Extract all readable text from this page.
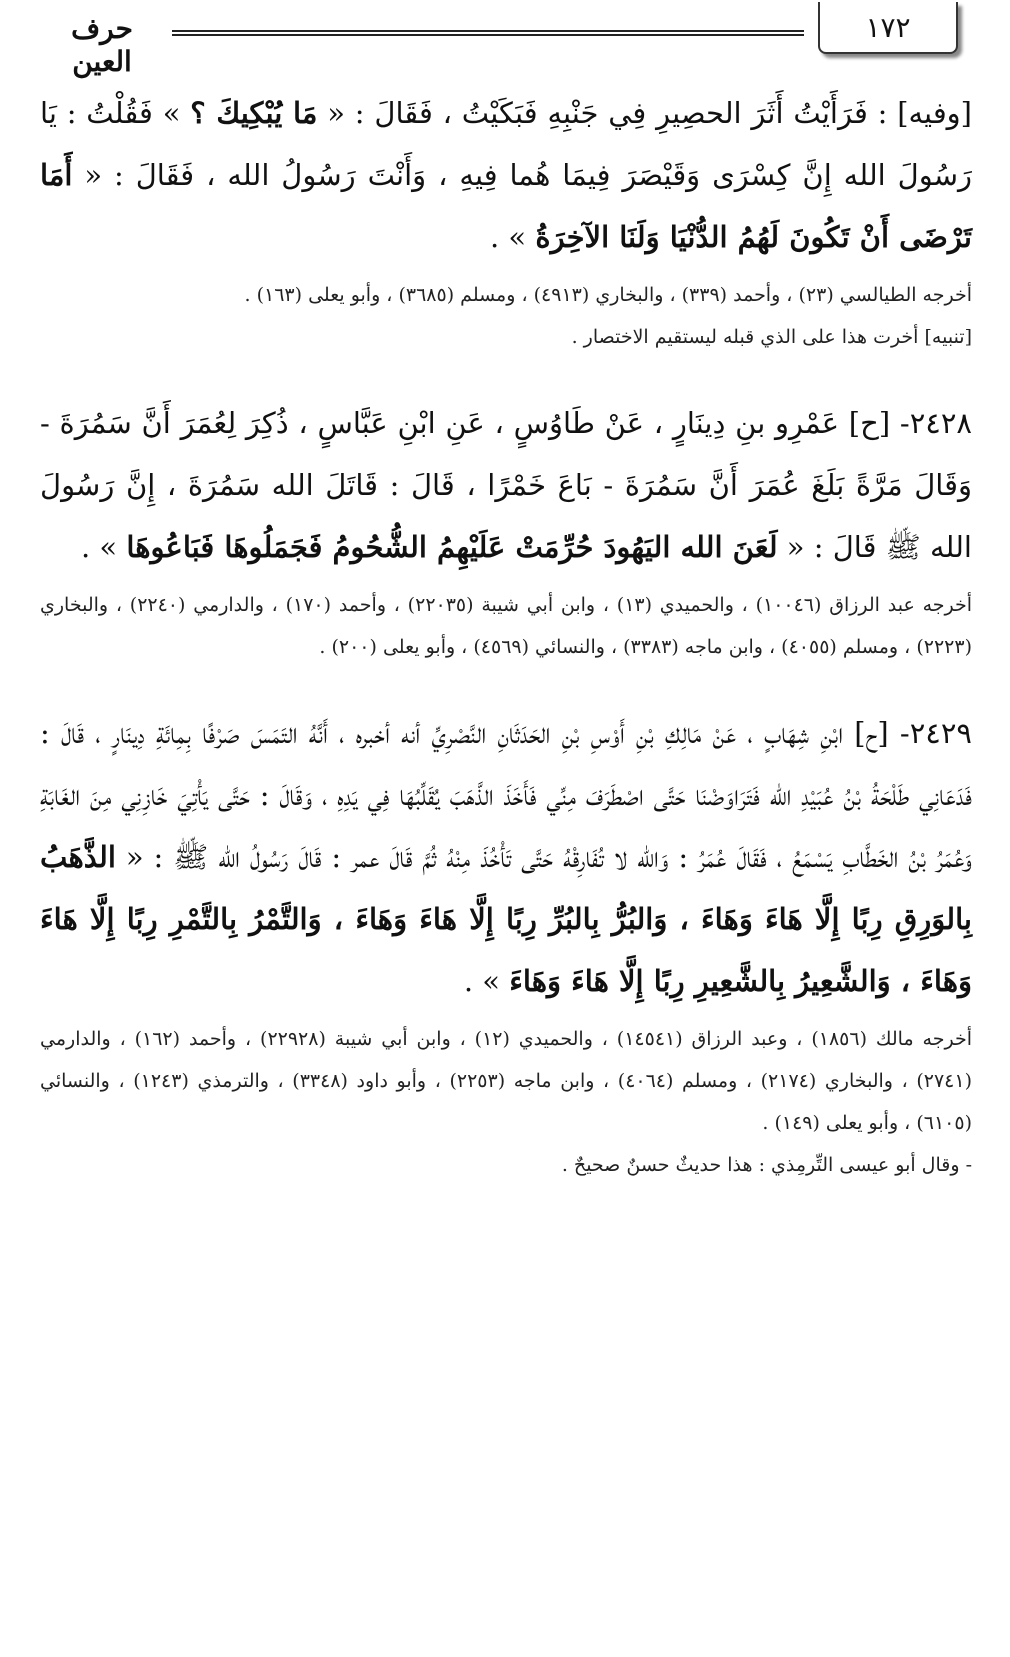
١٧٢
حرف العين

[وفيه] : فَرَأَيْتُ أَثَرَ الحصِيرِ فِي جَنْبِهِ فَبَكَيْتُ ، فَقَالَ : « مَا يُبْكِيكَ ؟ » فَقُلْتُ : يَا رَسُولَ الله إِنَّ كِسْرَى وَقَيْصَرَ فِيمَا هُما فِيهِ ، وَأَنْتَ رَسُولُ الله ، فَقَالَ : « أَمَا تَرْضَى أَنْ تَكُونَ لَهُمُ الدُّنْيَا وَلَنَا الآخِرَةُ » .

أخرجه الطيالسي (٢٣) ، وأحمد (٣٣٩) ، والبخاري (٤٩١٣) ، ومسلم (٣٦٨٥) ، وأبو يعلى (١٦٣) .

[تنبيه] أخرت هذا على الذي قبله ليستقيم الاختصار .

٢٤٢٨- [ح] عَمْرِو بنِ دِينَارٍ ، عَنْ طَاوُسٍ ، عَنِ ابْنِ عَبَّاسٍ ، ذُكِرَ لِعُمَرَ أَنَّ سَمُرَةَ - وَقَالَ مَرَّةً بَلَغَ عُمَرَ أَنَّ سَمُرَةَ - بَاعَ خَمْرًا ، قَالَ : قَاتَلَ الله سَمُرَةَ ، إِنَّ رَسُولَ الله ﷺ قَالَ : « لَعَنَ الله اليَهُودَ حُرِّمَتْ عَلَيْهِمُ الشُّحُومُ فَجَمَلُوهَا فَبَاعُوهَا » .

أخرجه عبد الرزاق (١٠٠٤٦) ، والحميدي (١٣) ، وابن أبي شيبة (٢٢٠٣٥) ، وأحمد (١٧٠) ، والدارمي (٢٢٤٠) ، والبخاري (٢٢٢٣) ، ومسلم (٤٠٥٥) ، وابن ماجه (٣٣٨٣) ، والنسائي (٤٥٦٩) ، وأبو يعلى (٢٠٠) .

٢٤٢٩- [ح] ابْنِ شِهَابٍ ، عَنْ مَالِكِ بْنِ أَوْسِ بْنِ الحَدَثَانِ النَّصْرِيِّ أنه أخبره ، أَنَّهُ التَمَسَ صَرْفًا بِمِائَةِ دِينَارٍ ، قَالَ : فَدَعَانِي طَلْحَةُ بْنُ عُبَيْدِ الله فَتَرَاوَضْنَا حَتَّى اصْطَرَفَ مِنِّي فَأَخَذَ الذَّهَبَ يُقَلِّبُهَا فِي يَدِهِ ، وَقَالَ : حَتَّى يَأْتِيَ خَازِنِي مِنَ الغَابَةِ وَعُمَرُ بْنُ الخَطَّابِ يَسْمَعُ ، فَقَالَ عُمَرُ : وَالله لا تُفَارِقْهُ حَتَّى تَأْخُذَ مِنْهُ ثُمَّ قَالَ عمر : قَالَ رَسُولُ الله ﷺ : « الذَّهَبُ بِالوَرِقِ رِبًا إِلَّا هَاءَ وَهَاءَ ، وَالبُرُّ بِالبُرِّ رِبًا إِلَّا هَاءَ وَهَاءَ ، وَالتَّمْرُ بِالتَّمْرِ رِبًا إِلَّا هَاءَ وَهَاءَ ، وَالشَّعِيرُ بِالشَّعِيرِ رِبًا إِلَّا هَاءَ وَهَاءَ » .

أخرجه مالك (١٨٥٦) ، وعبد الرزاق (١٤٥٤١) ، والحميدي (١٢) ، وابن أبي شيبة (٢٢٩٢٨) ، وأحمد (١٦٢) ، والدارمي (٢٧٤١) ، والبخاري (٢١٧٤) ، ومسلم (٤٠٦٤) ، وابن ماجه (٢٢٥٣) ، وأبو داود (٣٣٤٨) ، والترمذي (١٢٤٣) ، والنسائي (٦١٠٥) ، وأبو يعلى (١٤٩) .

- وقال أبو عيسى التِّرمِذي : هذا حديثٌ حسنٌ صحيحٌ .
